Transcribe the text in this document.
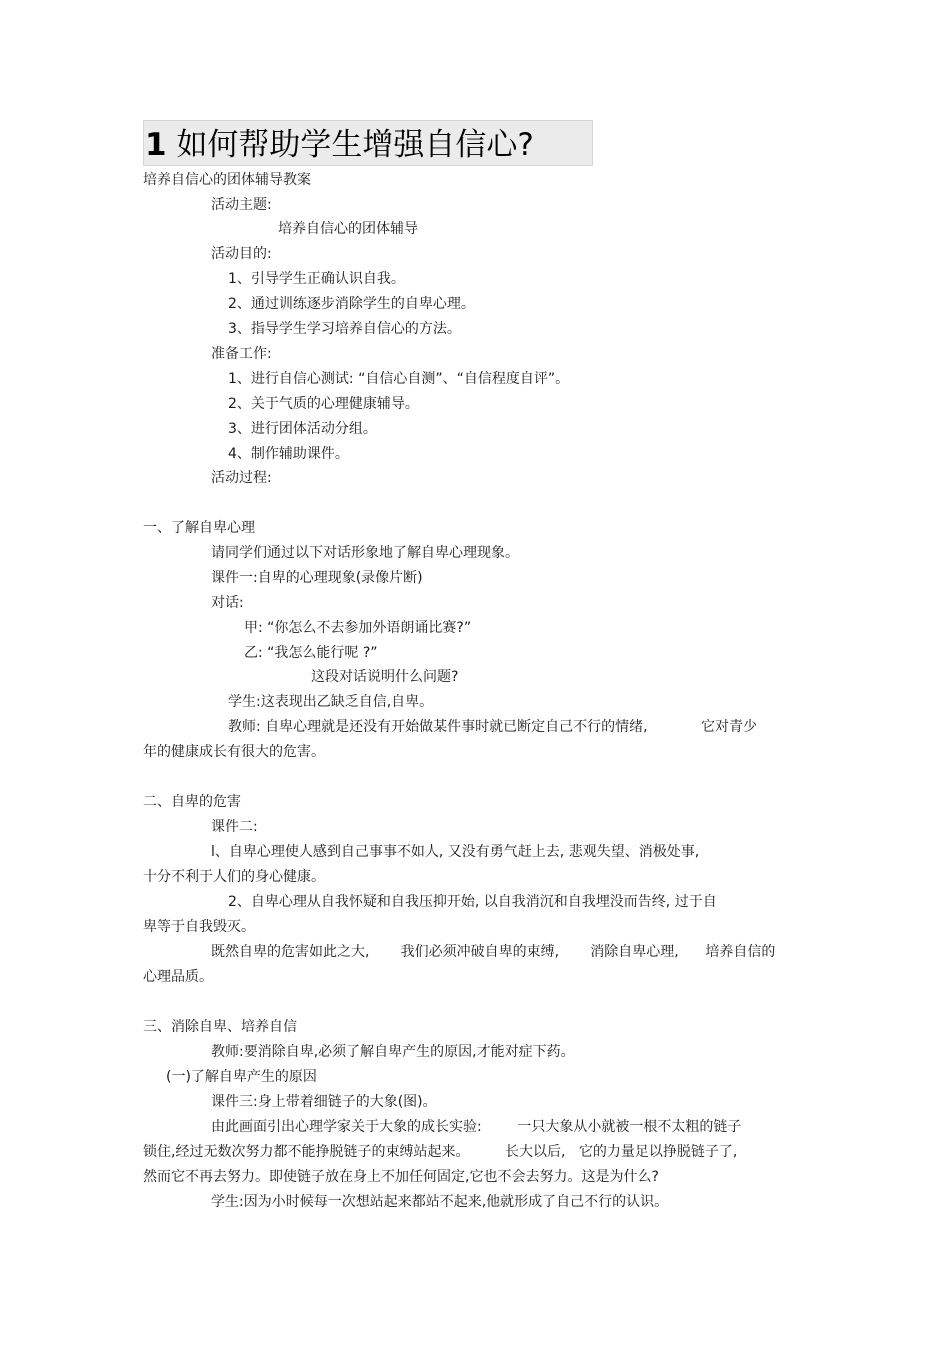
1 如何帮助学生增强自信心?
培养自信心的团体辅导教案
活动主题:
培养自信心的团体辅导
活动目的:
1、引导学生正确认识自我。
2、通过训练逐步消除学生的自卑心理。
3、指导学生学习培养自信心的方法。
准备工作:
1、进行自信心测试: “自信心自测”、“自信程度自评”。
2、关于气质的心理健康辅导。
3、进行团体活动分组。
4、制作辅助课件。
活动过程:
一、了解自卑心理
请同学们通过以下对话形象地了解自卑心理现象。
课件一:自卑的心理现象(录像片断)
对话:
甲: “你怎么不去参加外语朗诵比赛?”
乙: “我怎么能行呢 ?”
这段对话说明什么问题?
学生:这表现出乙缺乏自信,自卑。
教师: 自卑心理就是还没有开始做某件事时就已断定自己不行的情绪,            它对青少
年的健康成长有很大的危害。
二、自卑的危害
课件二:
l、自卑心理使人感到自己事事不如人, 又没有勇气赶上去, 悲观失望、消极处事,
十分不利于人们的身心健康。
2、自卑心理从自我怀疑和自我压抑开始, 以自我消沉和自我埋没而告终, 过于自
卑等于自我毁灭。
既然自卑的危害如此之大,       我们必须冲破自卑的束缚,       消除自卑心理,      培养自信的
心理品质。
三、消除自卑、培养自信
教师:要消除自卑,必须了解自卑产生的原因,才能对症下药。
(一)了解自卑产生的原因
课件三:身上带着细链子的大象(图)。
由此画面引出心理学家关于大象的成长实验:        一只大象从小就被一根不太粗的链子
锁住,经过无数次努力都不能挣脱链子的束缚站起来。        长大以后,   它的力量足以挣脱链子了,
然而它不再去努力。即使链子放在身上不加任何固定,它也不会去努力。这是为什么?
学生:因为小时候每一次想站起来都站不起来,他就形成了自己不行的认识。
